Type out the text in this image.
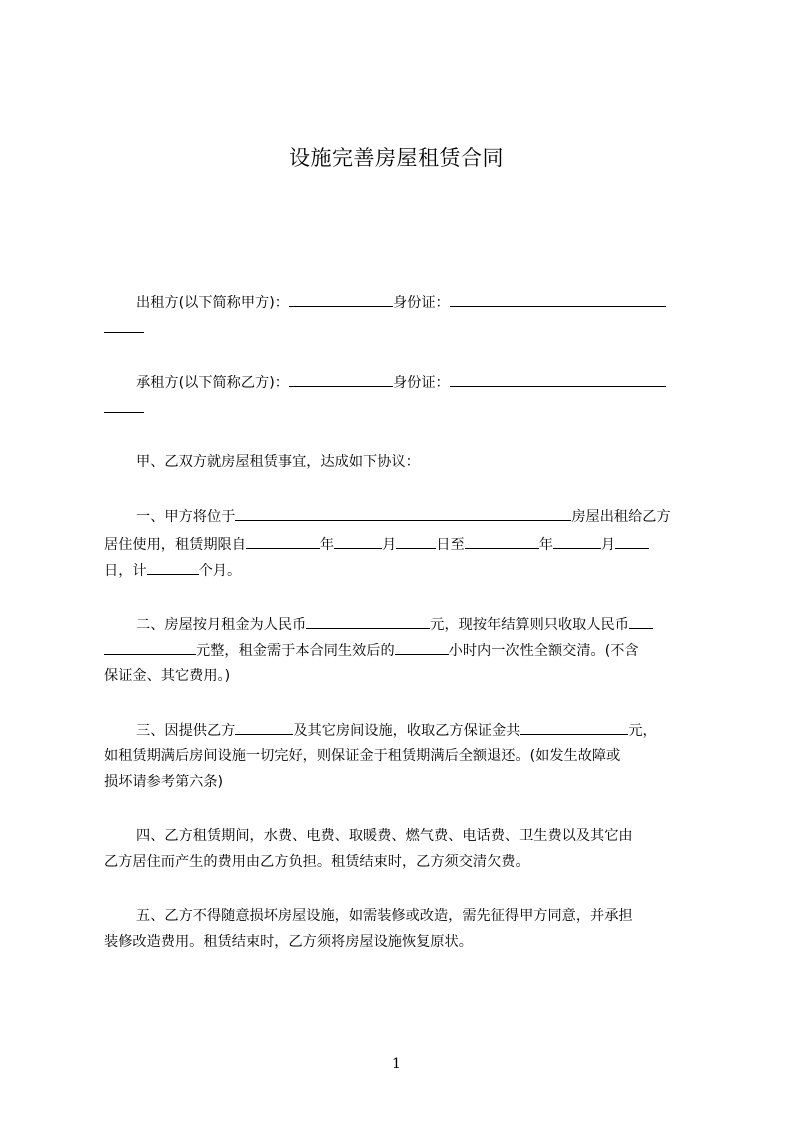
设施完善房屋租赁合同
出租方(以下简称甲方)：	身份证：
承租方(以下简称乙方)：	身份证：
甲、乙双方就房屋租赁事宜，达成如下协议：
一、甲方将位于	房屋出租给乙方
居住使用，租赁期限自	年	月	日至	年	月
日，计	个月。
二、房屋按月租金为人民币	元，现按年结算则只收取人民币
元整，租金需于本合同生效后的	小时内一次性全额交清。(不含
保证金、其它费用。)
三、因提供乙方	及其它房间设施，收取乙方保证金共	元，
如租赁期满后房间设施一切完好，则保证金于租赁期满后全额退还。(如发生故障或
损坏请参考第六条)
四、乙方租赁期间，水费、电费、取暖费、燃气费、电话费、卫生费以及其它由
乙方居住而产生的费用由乙方负担。租赁结束时，乙方须交清欠费。
五、乙方不得随意损坏房屋设施，如需装修或改造，需先征得甲方同意，并承担
装修改造费用。租赁结束时，乙方须将房屋设施恢复原状。
1
